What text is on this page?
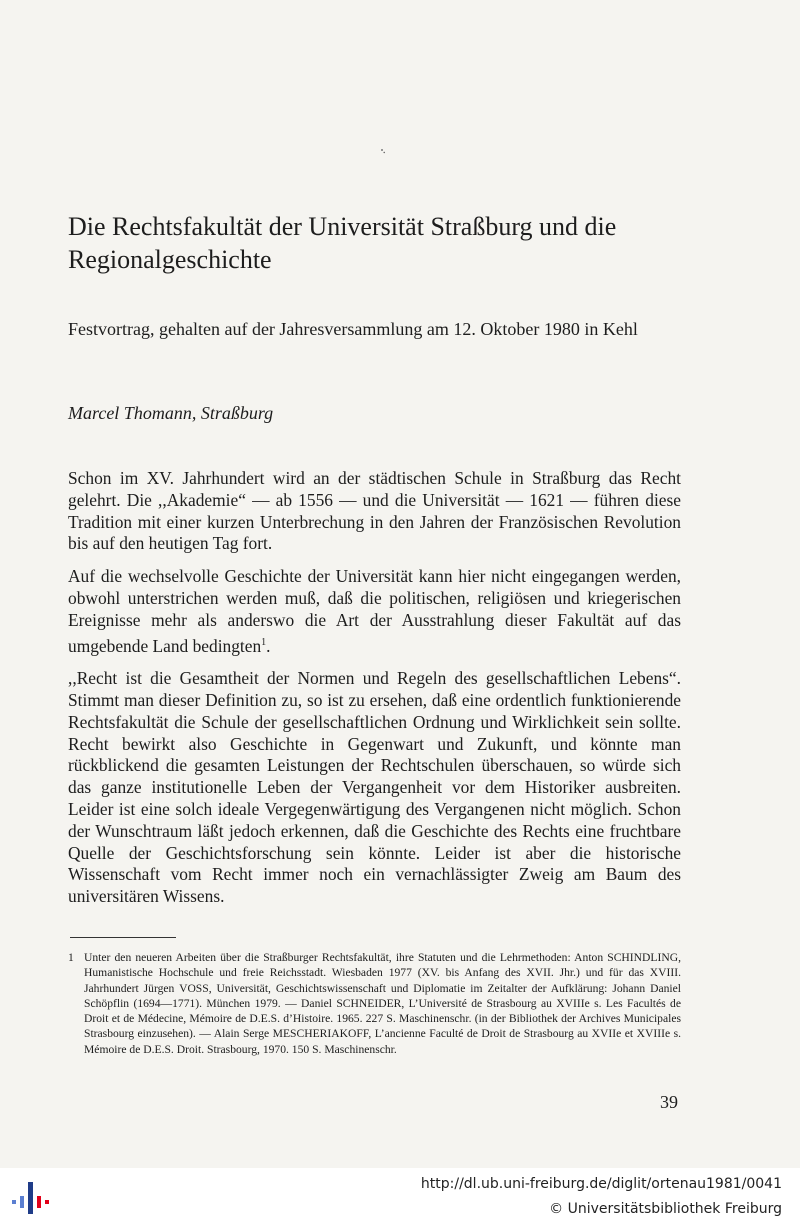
Die Rechtsfakultät der Universität Straßburg und die Regionalgeschichte
Festvortrag, gehalten auf der Jahresversammlung am 12. Oktober 1980 in Kehl
Marcel Thomann, Straßburg

Schon im XV. Jahrhundert wird an der städtischen Schule in Straßburg das Recht gelehrt. Die ,,Akademie“ — ab 1556 — und die Universität — 1621 — führen diese Tradition mit einer kurzen Unterbrechung in den Jahren der Französischen Revolution bis auf den heutigen Tag fort.

Auf die wechselvolle Geschichte der Universität kann hier nicht eingegangen werden, obwohl unterstrichen werden muß, daß die politischen, religiösen und kriegerischen Ereignisse mehr als anderswo die Art der Ausstrahlung dieser Fakultät auf das umgebende Land bedingten$^1$.

,,Recht ist die Gesamtheit der Normen und Regeln des gesellschaftlichen Lebens“. Stimmt man dieser Definition zu, so ist zu ersehen, daß eine ordentlich funktionierende Rechtsfakultät die Schule der gesellschaftlichen Ordnung und Wirklichkeit sein sollte. Recht bewirkt also Geschichte in Gegenwart und Zukunft, und könnte man rückblickend die gesamten Leistungen der Rechtschulen überschauen, so würde sich das ganze institutionelle Leben der Vergangenheit vor dem Historiker ausbreiten. Leider ist eine solch ideale Vergegenwärtigung des Vergangenen nicht möglich. Schon der Wunschtraum läßt jedoch erkennen, daß die Geschichte des Rechts eine fruchtbare Quelle der Geschichtsforschung sein könnte. Leider ist aber die historische Wissenschaft vom Recht immer noch ein vernachlässigter Zweig am Baum des universitären Wissens.

1 Unter den neueren Arbeiten über die Straßburger Rechtsfakultät, ihre Statuten und die Lehrmethoden: Anton SCHINDLING, Humanistische Hochschule und freie Reichsstadt. Wiesbaden 1977 (XV. bis Anfang des XVII. Jhr.) und für das XVIII. Jahrhundert Jürgen VOSS, Universität, Geschichtswissenschaft und Diplomatie im Zeitalter der Aufklärung: Johann Daniel Schöpflin (1694—1771). München 1979. — Daniel SCHNEIDER, L’Université de Strasbourg au XVIIIe s. Les Facultés de Droit et de Médecine, Mémoire de D.E.S. d’Histoire. 1965. 227 S. Maschinenschr. (in der Bibliothek der Archives Municipales Strasbourg einzusehen). — Alain Serge MESCHERIAKOFF, L’ancienne Faculté de Droit de Strasbourg au XVIIe et XVIIIe s. Mémoire de D.E.S. Droit. Strasbourg, 1970. 150 S. Maschinenschr.
39
http://dl.ub.uni-freiburg.de/diglit/ortenau1981/0041
© Universitätsbibliothek Freiburg
